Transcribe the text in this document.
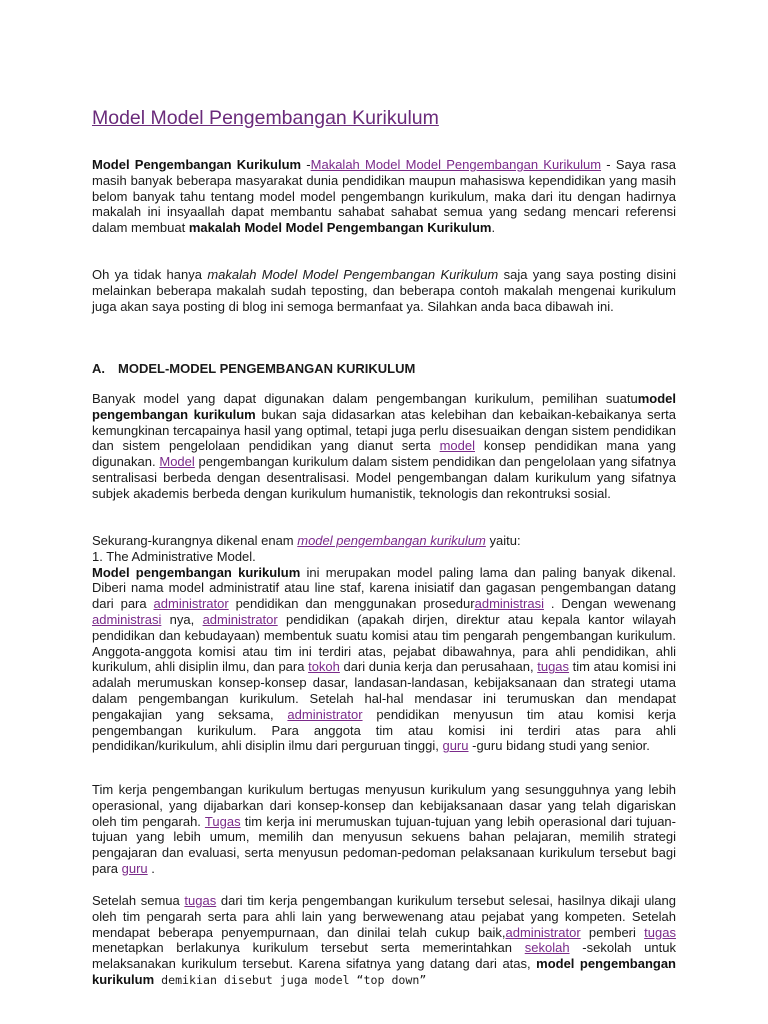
Model Model Pengembangan Kurikulum

Model Pengembangan Kurikulum -Makalah Model Model Pengembangan Kurikulum - Saya rasa masih banyak beberapa masyarakat dunia pendidikan maupun mahasiswa kependidikan yang masih belom banyak tahu tentang model model pengembangn kurikulum, maka dari itu dengan hadirnya makalah ini insyaallah dapat membantu sahabat sahabat semua yang sedang mencari referensi dalam membuat makalah Model Model Pengembangan Kurikulum.

Oh ya tidak hanya makalah Model Model Pengembangan Kurikulum saja yang saya posting disini melainkan beberapa makalah sudah teposting, dan beberapa contoh makalah mengenai kurikulum juga akan saya posting di blog ini semoga bermanfaat ya. Silahkan anda baca dibawah ini.

A. MODEL-MODEL PENGEMBANGAN KURIKULUM

Banyak model yang dapat digunakan dalam pengembangan kurikulum, pemilihan suatumodel pengembangan kurikulum bukan saja didasarkan atas kelebihan dan kebaikan-kebaikanya serta kemungkinan tercapainya hasil yang optimal, tetapi juga perlu disesuaikan dengan sistem pendidikan dan sistem pengelolaan pendidikan yang dianut serta model konsep pendidikan mana yang digunakan. Model pengembangan kurikulum dalam sistem pendidikan dan pengelolaan yang sifatnya sentralisasi berbeda dengan desentralisasi. Model pengembangan dalam kurikulum yang sifatnya subjek akademis berbeda dengan kurikulum humanistik, teknologis dan rekontruksi sosial.

Sekurang-kurangnya dikenal enam model pengembangan kurikulum yaitu:
1. The Administrative Model.
Model pengembangan kurikulum ini merupakan model paling lama dan paling banyak dikenal. Diberi nama model administratif atau line staf, karena inisiatif dan gagasan pengembangan datang dari para administrator pendidikan dan menggunakan proseduradministrasi . Dengan wewenang administrasi nya, administrator pendidikan (apakah dirjen, direktur atau kepala kantor wilayah pendidikan dan kebudayaan) membentuk suatu komisi atau tim pengarah pengembangan kurikulum. Anggota-anggota komisi atau tim ini terdiri atas, pejabat dibawahnya, para ahli pendidikan, ahli kurikulum, ahli disiplin ilmu, dan para tokoh dari dunia kerja dan perusahaan, tugas tim atau komisi ini adalah merumuskan konsep-konsep dasar, landasan-landasan, kebijaksanaan dan strategi utama dalam pengembangan kurikulum. Setelah hal-hal mendasar ini terumuskan dan mendapat pengakajian yang seksama, administrator pendidikan menyusun tim atau komisi kerja pengembangan kurikulum. Para anggota tim atau komisi ini terdiri atas para ahli pendidikan/kurikulum, ahli disiplin ilmu dari perguruan tinggi, guru -guru bidang studi yang senior.

Tim kerja pengembangan kurikulum bertugas menyusun kurikulum yang sesungguhnya yang lebih operasional, yang dijabarkan dari konsep-konsep dan kebijaksanaan dasar yang telah digariskan oleh tim pengarah. Tugas tim kerja ini merumuskan tujuan-tujuan yang lebih operasional dari tujuan-tujuan yang lebih umum, memilih dan menyusun sekuens bahan pelajaran, memilih strategi pengajaran dan evaluasi, serta menyusun pedoman-pedoman pelaksanaan kurikulum tersebut bagi para guru .

Setelah semua tugas dari tim kerja pengembangan kurikulum tersebut selesai, hasilnya dikaji ulang oleh tim pengarah serta para ahli lain yang berwewenang atau pejabat yang kompeten. Setelah mendapat beberapa penyempurnaan, dan dinilai telah cukup baik,administrator pemberi tugas menetapkan berlakunya kurikulum tersebut serta memerintahkan sekolah -sekolah untuk melaksanakan kurikulum tersebut. Karena sifatnya yang datang dari atas, model pengembangan kurikulum demikian disebut juga model “top down”
